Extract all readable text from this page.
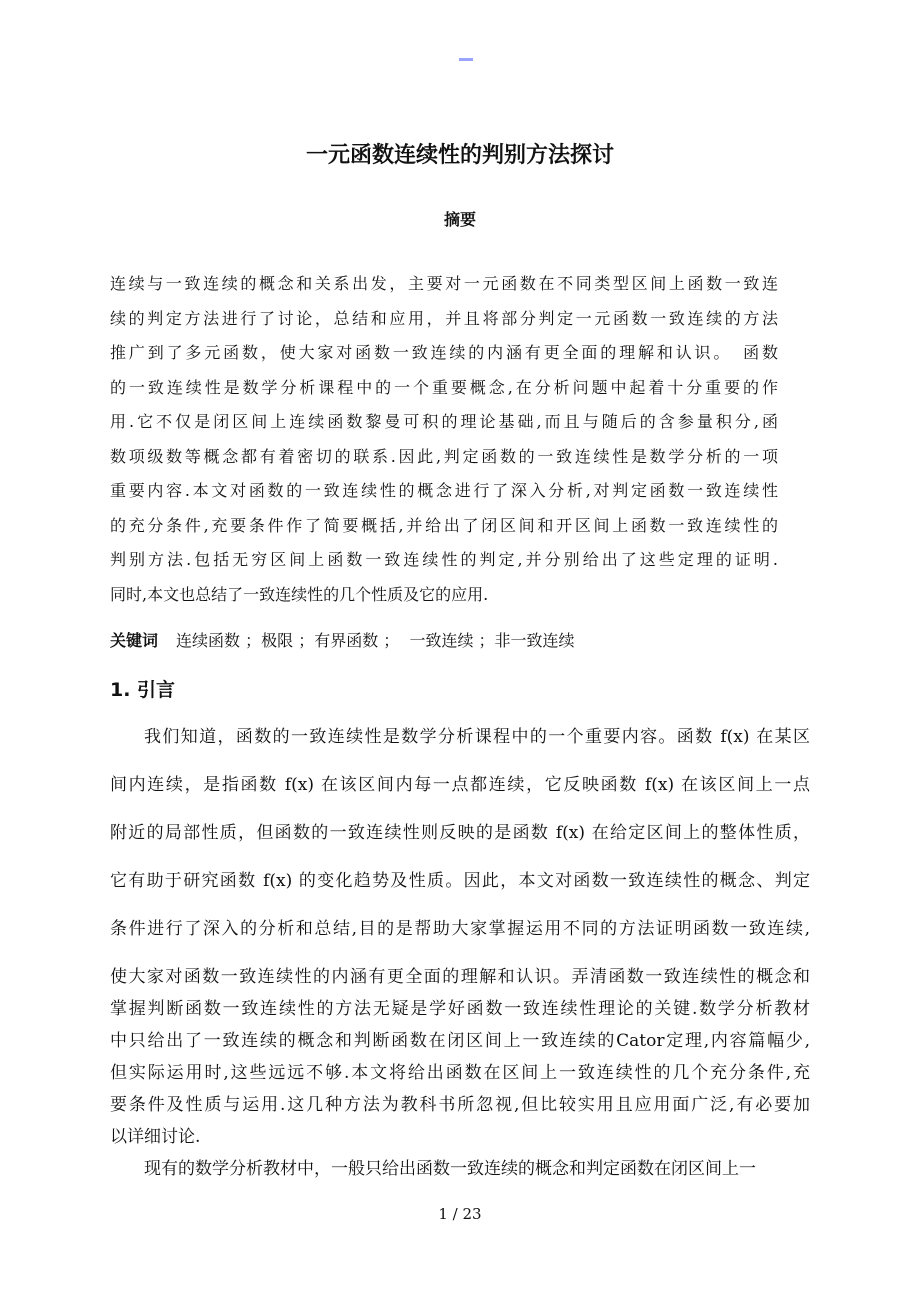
一元函数连续性的判别方法探讨
摘要
连续与一致连续的概念和关系出发，主要对一元函数在不同类型区间上函数一致连
续的判定方法进行了讨论，总结和应用，并且将部分判定一元函数一致连续的方法
推广到了多元函数，使大家对函数一致连续的内涵有更全面的理解和认识。　函数
的一致连续性是数学分析课程中的一个重要概念,在分析问题中起着十分重要的作
用.它不仅是闭区间上连续函数黎曼可积的理论基础,而且与随后的含参量积分,函
数项级数等概念都有着密切的联系.因此,判定函数的一致连续性是数学分析的一项
重要内容.本文对函数的一致连续性的概念进行了深入分析,对判定函数一致连续性
的充分条件,充要条件作了简要概括,并给出了闭区间和开区间上函数一致连续性的
判别方法.包括无穷区间上函数一致连续性的判定,并分别给出了这些定理的证明.
同时,本文也总结了一致连续性的几个性质及它的应用.
关键词 连续函数 ；极限 ；有界函数 ；  一致连续 ；非一致连续
1. 引言
我们知道，函数的一致连续性是数学分析课程中的一个重要内容。函数 f(x) 在某区
间内连续，是指函数 f(x) 在该区间内每一点都连续，它反映函数 f(x) 在该区间上一点
附近的局部性质，但函数的一致连续性则反映的是函数 f(x) 在给定区间上的整体性质，
它有助于研究函数 f(x) 的变化趋势及性质。因此，本文对函数一致连续性的概念、判定
条件进行了深入的分析和总结,目的是帮助大家掌握运用不同的方法证明函数一致连续,
使大家对函数一致连续性的内涵有更全面的理解和认识。弄清函数一致连续性的概念和
掌握判断函数一致连续性的方法无疑是学好函数一致连续性理论的关键.数学分析教材
中只给出了一致连续的概念和判断函数在闭区间上一致连续的Cator定理,内容篇幅少,
但实际运用时,这些远远不够.本文将给出函数在区间上一致连续性的几个充分条件,充
要条件及性质与运用.这几种方法为教科书所忽视,但比较实用且应用面广泛,有必要加
以详细讨论.
现有的数学分析教材中，一般只给出函数一致连续的概念和判定函数在闭区间上一
1 / 23
